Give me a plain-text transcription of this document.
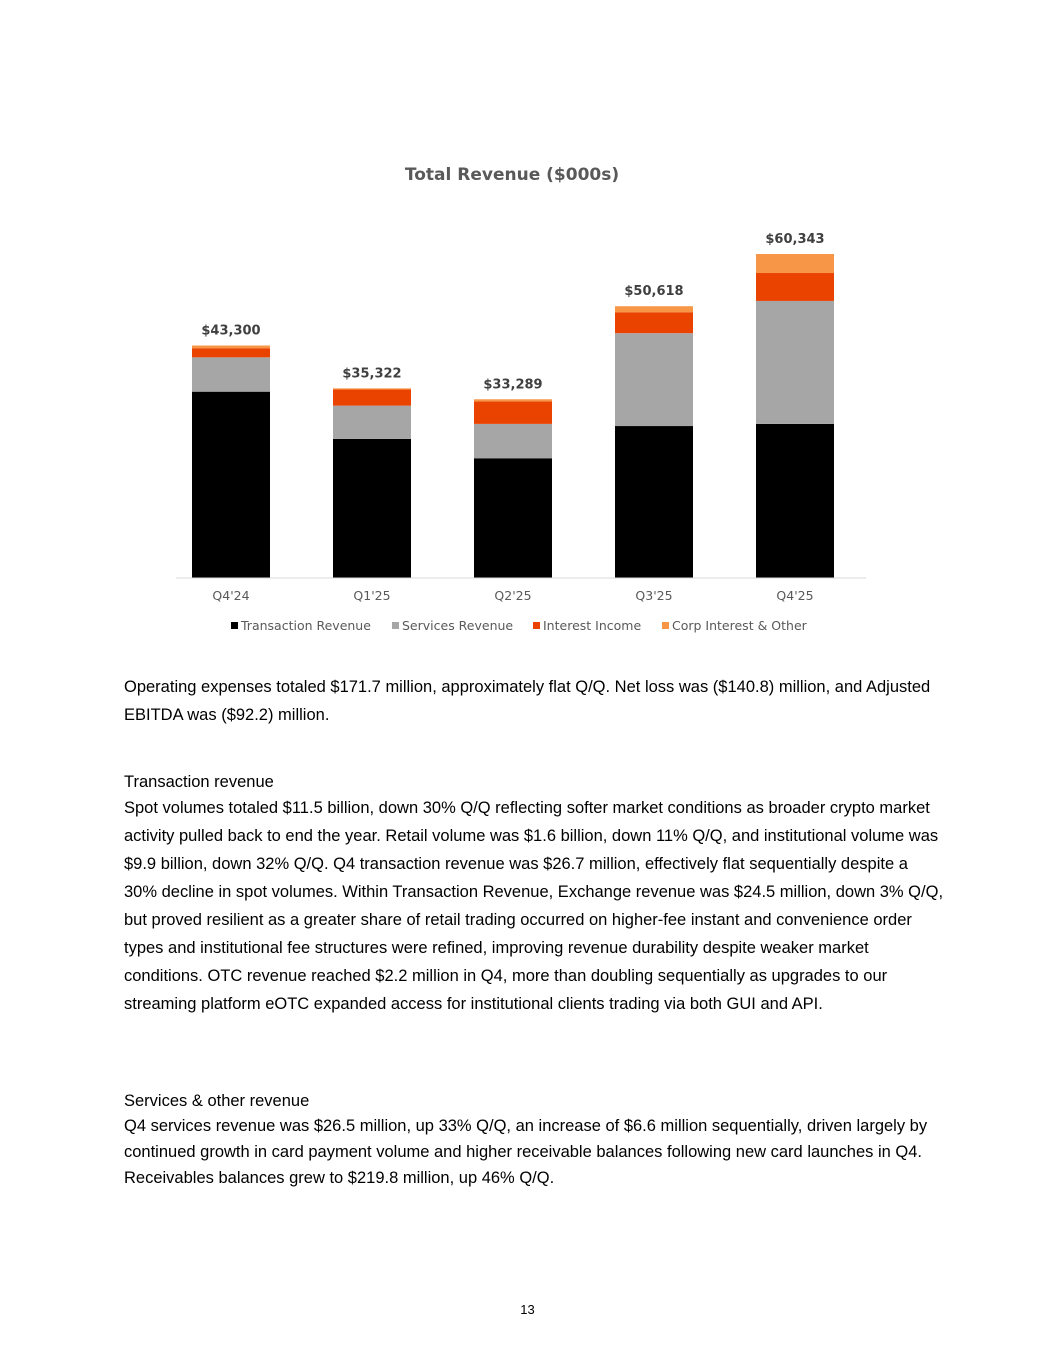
Total Revenue ($000s)
$43,300
$35,322
$33,289
$50,618
$60,343
Q4'24	Q1'25	Q2'25	Q3'25	Q4'25
Transaction Revenue Services Revenue Interest Income Corp Interest & Other

Operating expenses totaled $171.7 million, approximately flat Q/Q. Net loss was ($140.8) million, and Adjusted EBITDA was ($92.2) million.

Transaction revenue

Spot volumes totaled $11.5 billion, down 30% Q/Q reflecting softer market conditions as broader crypto market activity pulled back to end the year. Retail volume was $1.6 billion, down 11% Q/Q, and institutional volume was $9.9 billion, down 32% Q/Q. Q4 transaction revenue was $26.7 million, effectively flat sequentially despite a 30% decline in spot volumes. Within Transaction Revenue, Exchange revenue was $24.5 million, down 3% Q/Q, but proved resilient as a greater share of retail trading occurred on higher-fee instant and convenience order types and institutional fee structures were refined, improving revenue durability despite weaker market conditions. OTC revenue reached $2.2 million in Q4, more than doubling sequentially as upgrades to our streaming platform eOTC expanded access for institutional clients trading via both GUI and API.

Services & other revenue

Q4 services revenue was $26.5 million, up 33% Q/Q, an increase of $6.6 million sequentially, driven largely by continued growth in card payment volume and higher receivable balances following new card launches in Q4. Receivables balances grew to $219.8 million, up 46% Q/Q.

13
